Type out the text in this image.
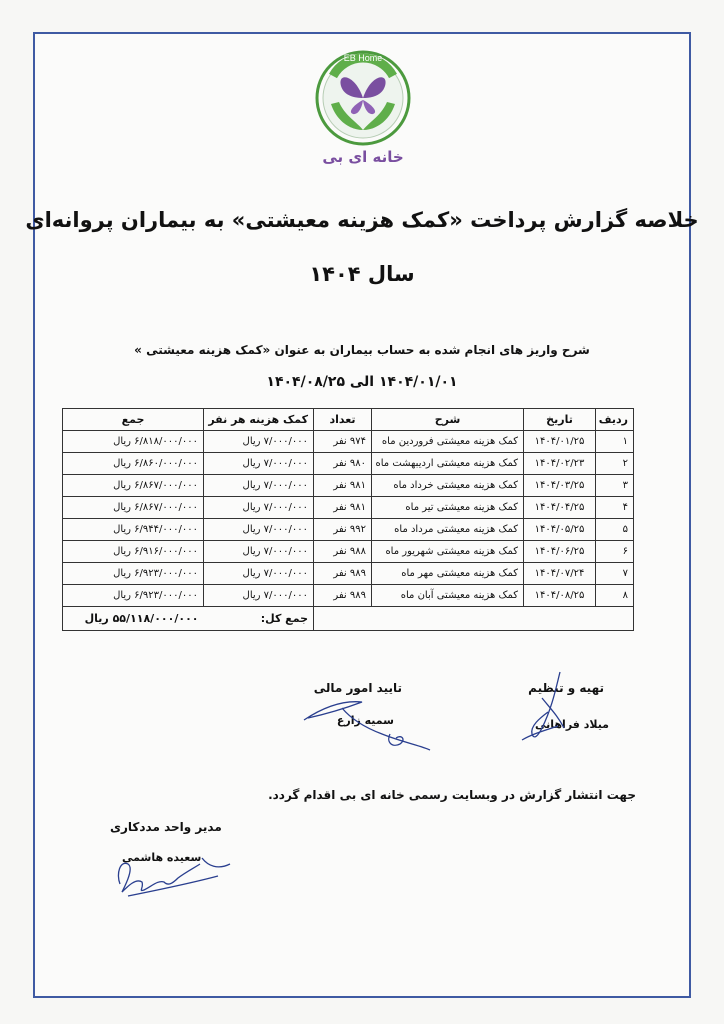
EB Home
خانه ای بی
خلاصه گزارش پرداخت «کمک هزینه معیشتی» به بیماران پروانه‌ای
سال ۱۴۰۴
شرح واریز های انجام شده به حساب بیماران به عنوان «کمک هزینه معیشتی »
۱۴۰۴/۰۱/۰۱ الی ۱۴۰۴/۰۸/۲۵
ردیف	تاریخ	شرح	تعداد	کمک هزینه هر نفر	جمع
۱	۱۴۰۴/۰۱/۲۵	کمک هزینه معیشتی فروردین ماه	۹۷۴ نفر	۷/۰۰۰/۰۰۰ ریال	۶/۸۱۸/۰۰۰/۰۰۰ ریال
۲	۱۴۰۴/۰۲/۲۳	کمک هزینه معیشتی اردیبهشت ماه	۹۸۰ نفر	۷/۰۰۰/۰۰۰ ریال	۶/۸۶۰/۰۰۰/۰۰۰ ریال
۳	۱۴۰۴/۰۳/۲۵	کمک هزینه معیشتی خرداد ماه	۹۸۱ نفر	۷/۰۰۰/۰۰۰ ریال	۶/۸۶۷/۰۰۰/۰۰۰ ریال
۴	۱۴۰۴/۰۴/۲۵	کمک هزینه معیشتی تیر ماه	۹۸۱ نفر	۷/۰۰۰/۰۰۰ ریال	۶/۸۶۷/۰۰۰/۰۰۰ ریال
۵	۱۴۰۴/۰۵/۲۵	کمک هزینه معیشتی مرداد ماه	۹۹۲ نفر	۷/۰۰۰/۰۰۰ ریال	۶/۹۴۴/۰۰۰/۰۰۰ ریال
۶	۱۴۰۴/۰۶/۲۵	کمک هزینه معیشتی شهریور ماه	۹۸۸ نفر	۷/۰۰۰/۰۰۰ ریال	۶/۹۱۶/۰۰۰/۰۰۰ ریال
۷	۱۴۰۴/۰۷/۲۴	کمک هزینه معیشتی مهر ماه	۹۸۹ نفر	۷/۰۰۰/۰۰۰ ریال	۶/۹۲۳/۰۰۰/۰۰۰ ریال
۸	۱۴۰۴/۰۸/۲۵	کمک هزینه معیشتی آبان ماه	۹۸۹ نفر	۷/۰۰۰/۰۰۰ ریال	۶/۹۲۳/۰۰۰/۰۰۰ ریال
				جمع کل:	۵۵/۱۱۸/۰۰۰/۰۰۰ ریال
تهیه و تنظیم
میلاد فراهانی
تایید امور مالی
سمیه زارع
جهت انتشار گزارش در وبسایت رسمی خانه ای بی اقدام گردد.
مدیر واحد مددکاری
سعیده هاشمی
